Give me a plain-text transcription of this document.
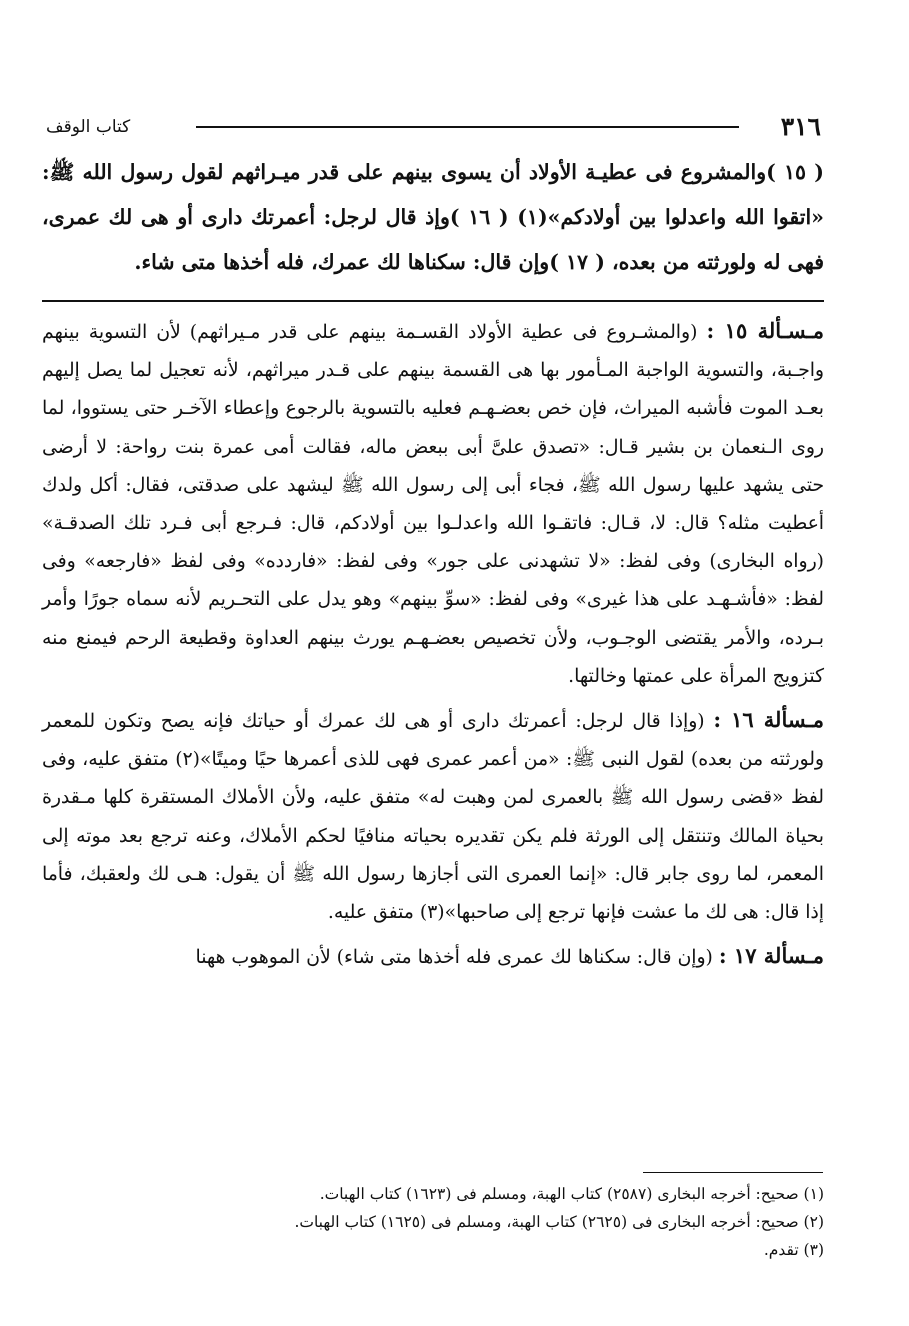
٣١٦
كتاب الوقف

( ١٥ )والمشروع فى عطيـة الأولاد أن يسوى بينهم على قدر ميـراثهم لقول رسول الله ﷺ: «اتقوا الله واعدلوا بين أولادكم»(١) ( ١٦ )وإذ قال لرجل: أعمرتك دارى أو هى لك عمرى، فهى له ولورثته من بعده، ( ١٧ )وإن قال: سكناها لك عمرك، فله أخذها متى شاء.

مـسـألة ١٥ : (والمشـروع فى عطية الأولاد القسـمة بينهم على قدر مـيراثهم) لأن التسوية بينهم واجـبة، والتسوية الواجبة المـأمور بها هى القسمة بينهم على قـدر ميراثهم، لأنه تعجيل لما يصل إليهم بعـد الموت فأشبه الميراث، فإن خص بعضـهـم فعليه بالتسوية بالرجوع وإعطاء الآخـر حتى يستووا، لما روى الـنعمان بن بشير قـال: «تصدق علىَّ أبى ببعض ماله، فقالت أمى عمرة بنت رواحة: لا أرضى حتى يشهد عليها رسول الله ﷺ، فجاء أبى إلى رسول الله ﷺ ليشهد على صدقتى، فقال: أكل ولدك أعطيت مثله؟ قال: لا، قـال: فاتقـوا الله واعدلـوا بين أولادكم، قال: فـرجع أبى فـرد تلك الصدقـة» (رواه البخارى) وفى لفظ: «لا تشهدنى على جور» وفى لفظ: «فاردده» وفى لفظ «فارجعه» وفى لفظ: «فأشـهـد على هذا غيرى» وفى لفظ: «سوِّ بينهم» وهو يدل على التحـريم لأنه سماه جورًا وأمر بـرده، والأمر يقتضى الوجـوب، ولأن تخصيص بعضـهـم يورث بينهم العداوة وقطيعة الرحم فيمنع منه كتزويج المرأة على عمتها وخالتها.

مـسألة ١٦ : (وإذا قال لرجل: أعمرتك دارى أو هى لك عمرك أو حياتك فإنه يصح وتكون للمعمر ولورثته من بعده) لقول النبى ﷺ: «من أعمر عمرى فهى للذى أعمرها حيًا وميتًا»(٢) متفق عليه، وفى لفظ «قضى رسول الله ﷺ بالعمرى لمن وهبت له» متفق عليه، ولأن الأملاك المستقرة كلها مـقدرة بحياة المالك وتنتقل إلى الورثة فلم يكن تقديره بحياته منافيًا لحكم الأملاك، وعنه ترجع بعد موته إلى المعمر، لما روى جابر قال: «إنما العمرى التى أجازها رسول الله ﷺ أن يقول: هـى لك ولعقبك، فأما إذا قال: هى لك ما عشت فإنها ترجع إلى صاحبها»(٣) متفق عليه.

مـسألة ١٧ : (وإن قال: سكناها لك عمرى فله أخذها متى شاء) لأن الموهوب ههنا

(١) صحيح: أخرجه البخارى (٢٥٨٧) كتاب الهبة، ومسلم فى (١٦٢٣) كتاب الهبات.

(٢) صحيح: أخرجه البخارى فى (٢٦٢٥) كتاب الهبة، ومسلم فى (١٦٢٥) كتاب الهبات.

(٣) تقدم.
